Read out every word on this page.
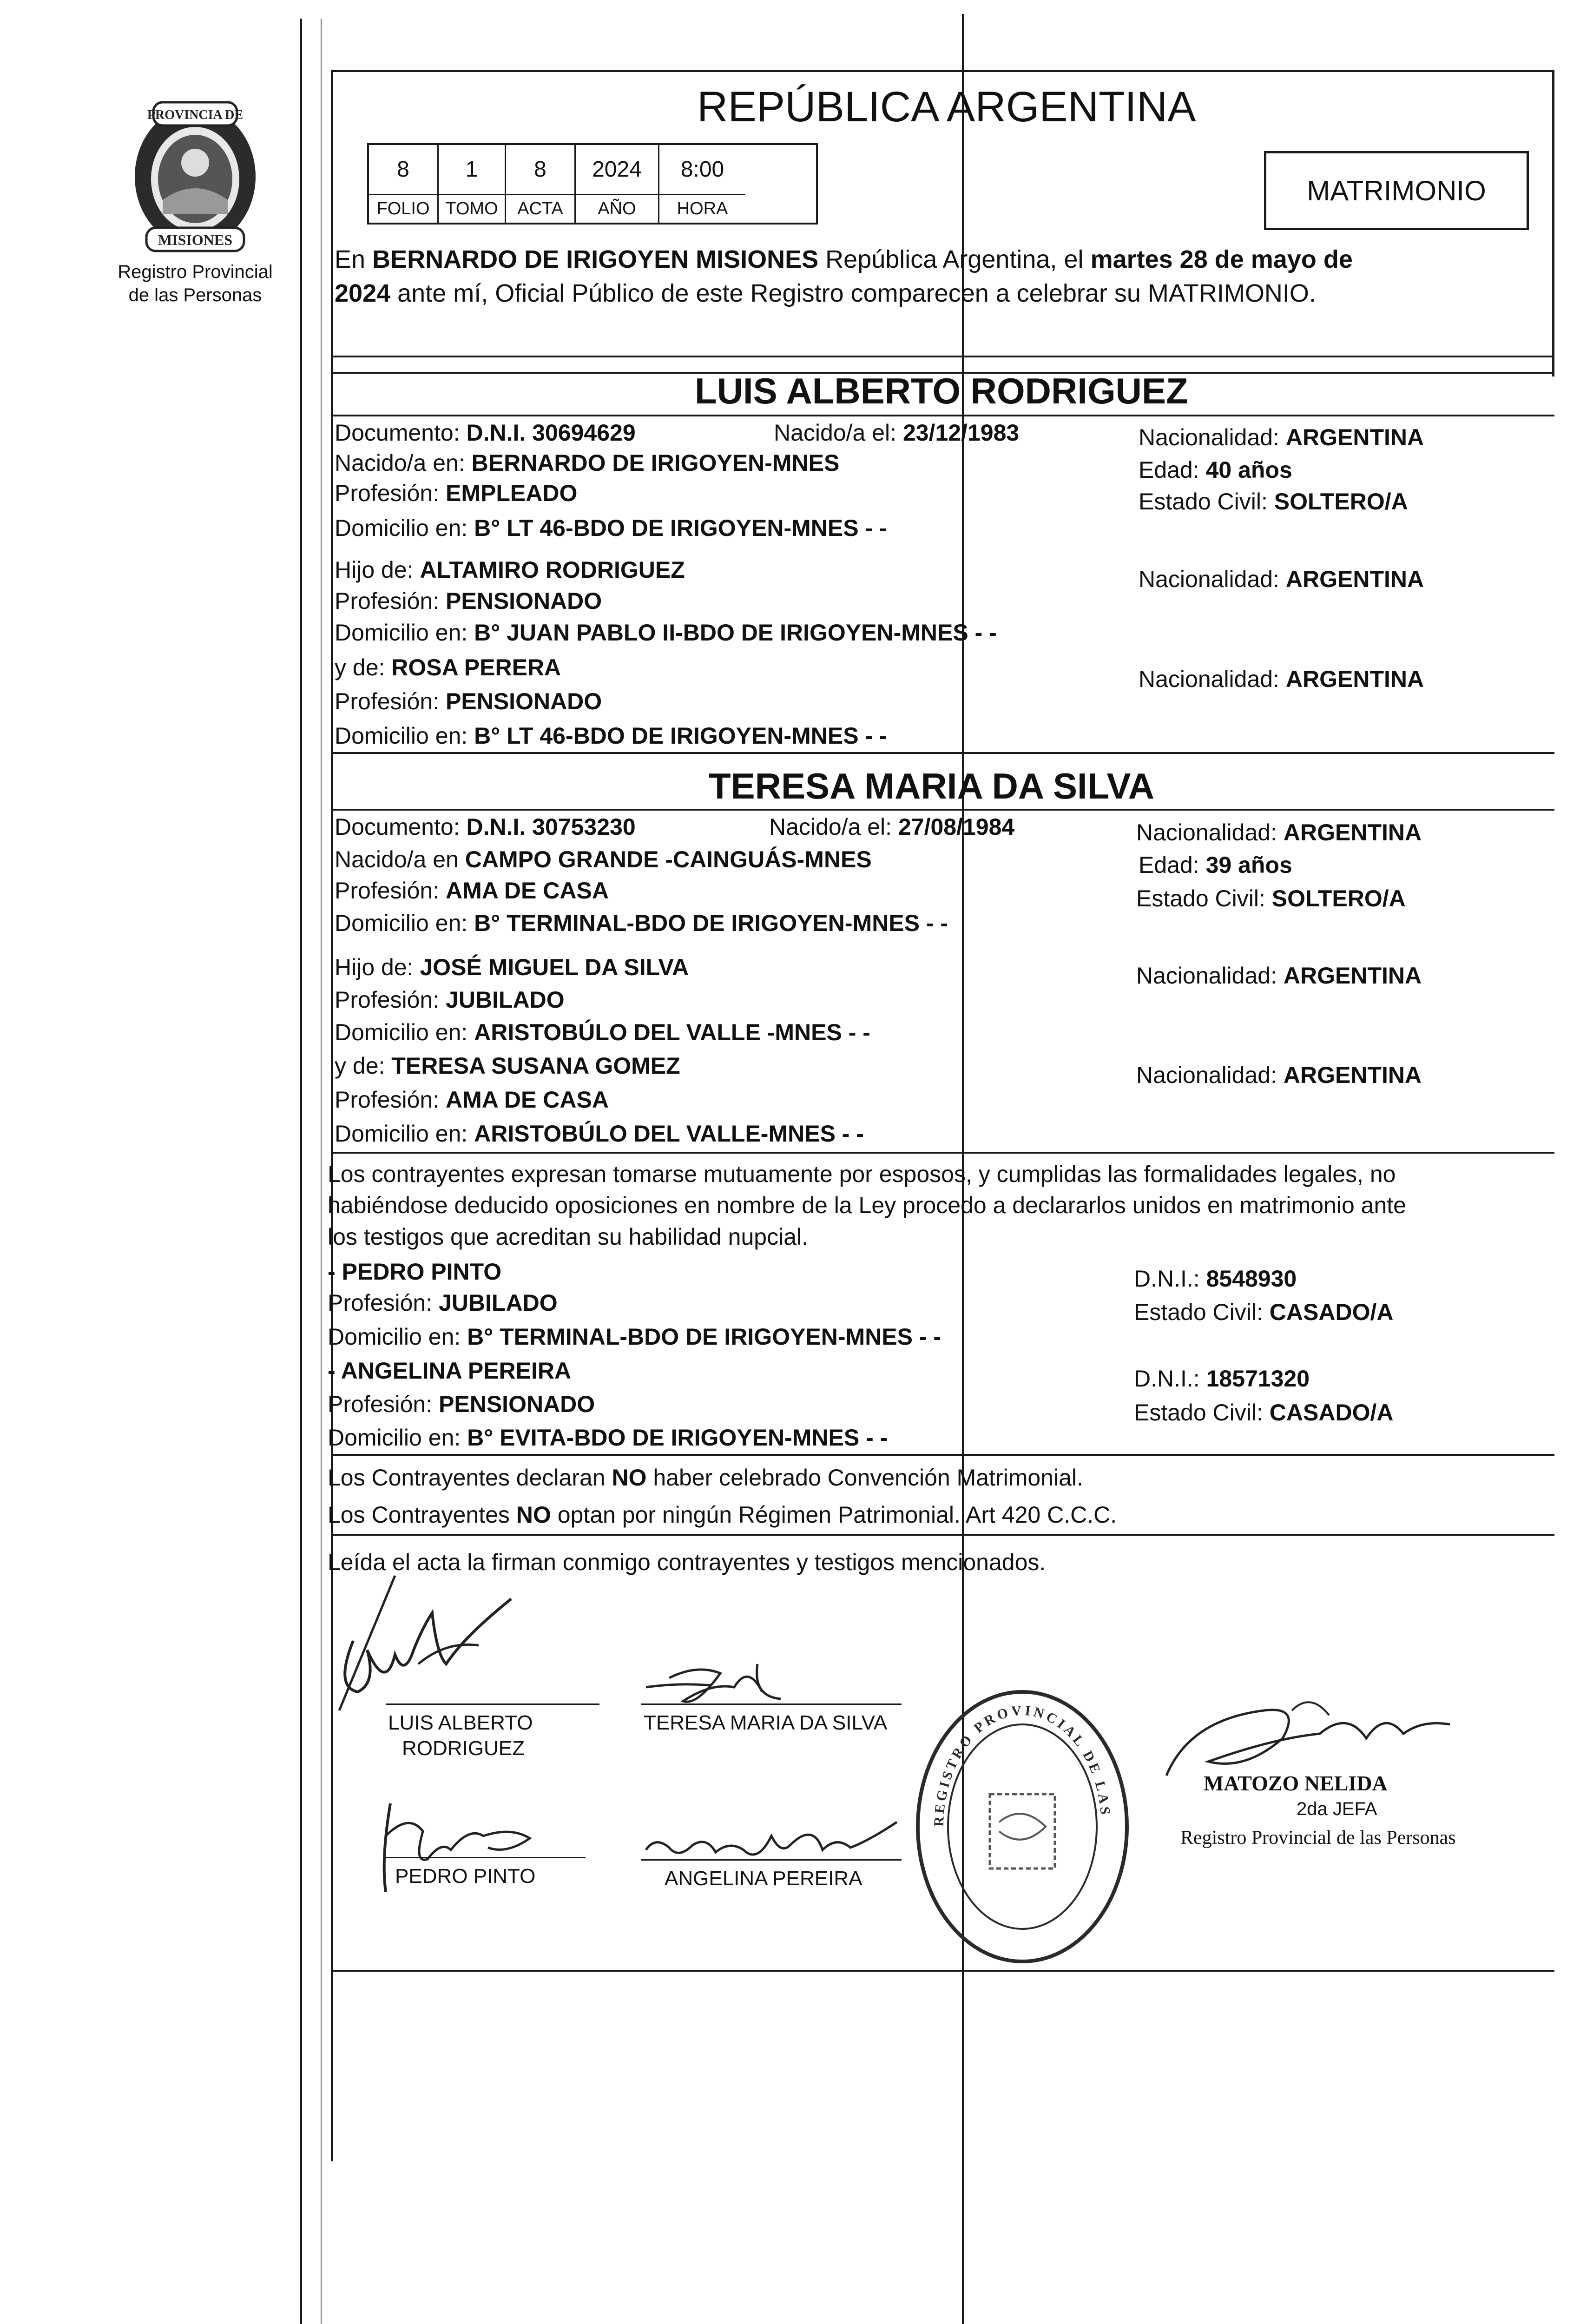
PROVINCIA DE
MISIONES
Registro Provincial
de las Personas
REPÚBLICA ARGENTINA
8	1	8	2024	8:00
FOLIO TOMO	ACTA	AÑO	HORA
MATRIMONIO
En BERNARDO DE IRIGOYEN MISIONES República Argentina, el martes 28 de mayo de
2024 ante mí, Oficial Público de este Registro comparecen a celebrar su MATRIMONIO.
LUIS ALBERTO RODRIGUEZ
Documento: D.N.I. 30694629	Nacido/a el: 23/12/1983	Nacionalidad: ARGENTINA
Nacido/a en: BERNARDO DE IRIGOYEN-MNES	Edad: 40 años
Profesión: EMPLEADO	Estado Civil: SOLTERO/A
Domicilio en: B° LT 46-BDO DE IRIGOYEN-MNES - -
Hijo de: ALTAMIRO RODRIGUEZ	Nacionalidad: ARGENTINA
Profesión: PENSIONADO
Domicilio en: B° JUAN PABLO II-BDO DE IRIGOYEN-MNES - -
y de: ROSA PERERA	Nacionalidad: ARGENTINA
Profesión: PENSIONADO
Domicilio en: B° LT 46-BDO DE IRIGOYEN-MNES - -
TERESA MARIA DA SILVA
Documento: D.N.I. 30753230	Nacido/a el: 27/08/1984	Nacionalidad: ARGENTINA
Nacido/a en CAMPO GRANDE -CAINGUÁS-MNES	Edad: 39 años
Profesión: AMA DE CASA	Estado Civil: SOLTERO/A
Domicilio en: B° TERMINAL-BDO DE IRIGOYEN-MNES - -
Hijo de: JOSÉ MIGUEL DA SILVA	Nacionalidad: ARGENTINA
Profesión: JUBILADO
Domicilio en: ARISTOBÚLO DEL VALLE -MNES - -
y de: TERESA SUSANA GOMEZ	Nacionalidad: ARGENTINA
Profesión: AMA DE CASA
Domicilio en: ARISTOBÚLO DEL VALLE-MNES - -
Los contrayentes expresan tomarse mutuamente por esposos, y cumplidas las formalidades legales, no
habiéndose deducido oposiciones en nombre de la Ley procedo a declararlos unidos en matrimonio ante
los testigos que acreditan su habilidad nupcial.
- PEDRO PINTO	D.N.I.: 8548930
Profesión: JUBILADO	Estado Civil: CASADO/A
Domicilio en: B° TERMINAL-BDO DE IRIGOYEN-MNES - -
- ANGELINA PEREIRA	D.N.I.: 18571320
Profesión: PENSIONADO	Estado Civil: CASADO/A
Domicilio en: B° EVITA-BDO DE IRIGOYEN-MNES - -
Los Contrayentes declaran NO haber celebrado Convención Matrimonial.
Los Contrayentes NO optan por ningún Régimen Patrimonial. Art 420 C.C.C.
Leída el acta la firman conmigo contrayentes y testigos mencionados.
LUIS ALBERTO
RODRIGUEZ
TERESA MARIA DA SILVA
PEDRO PINTO	ANGELINA PEREIRA
REGISTRO PROVINCIAL DE LAS
MATOZO NELIDA
2da JEFA
Registro Provincial de las Personas
